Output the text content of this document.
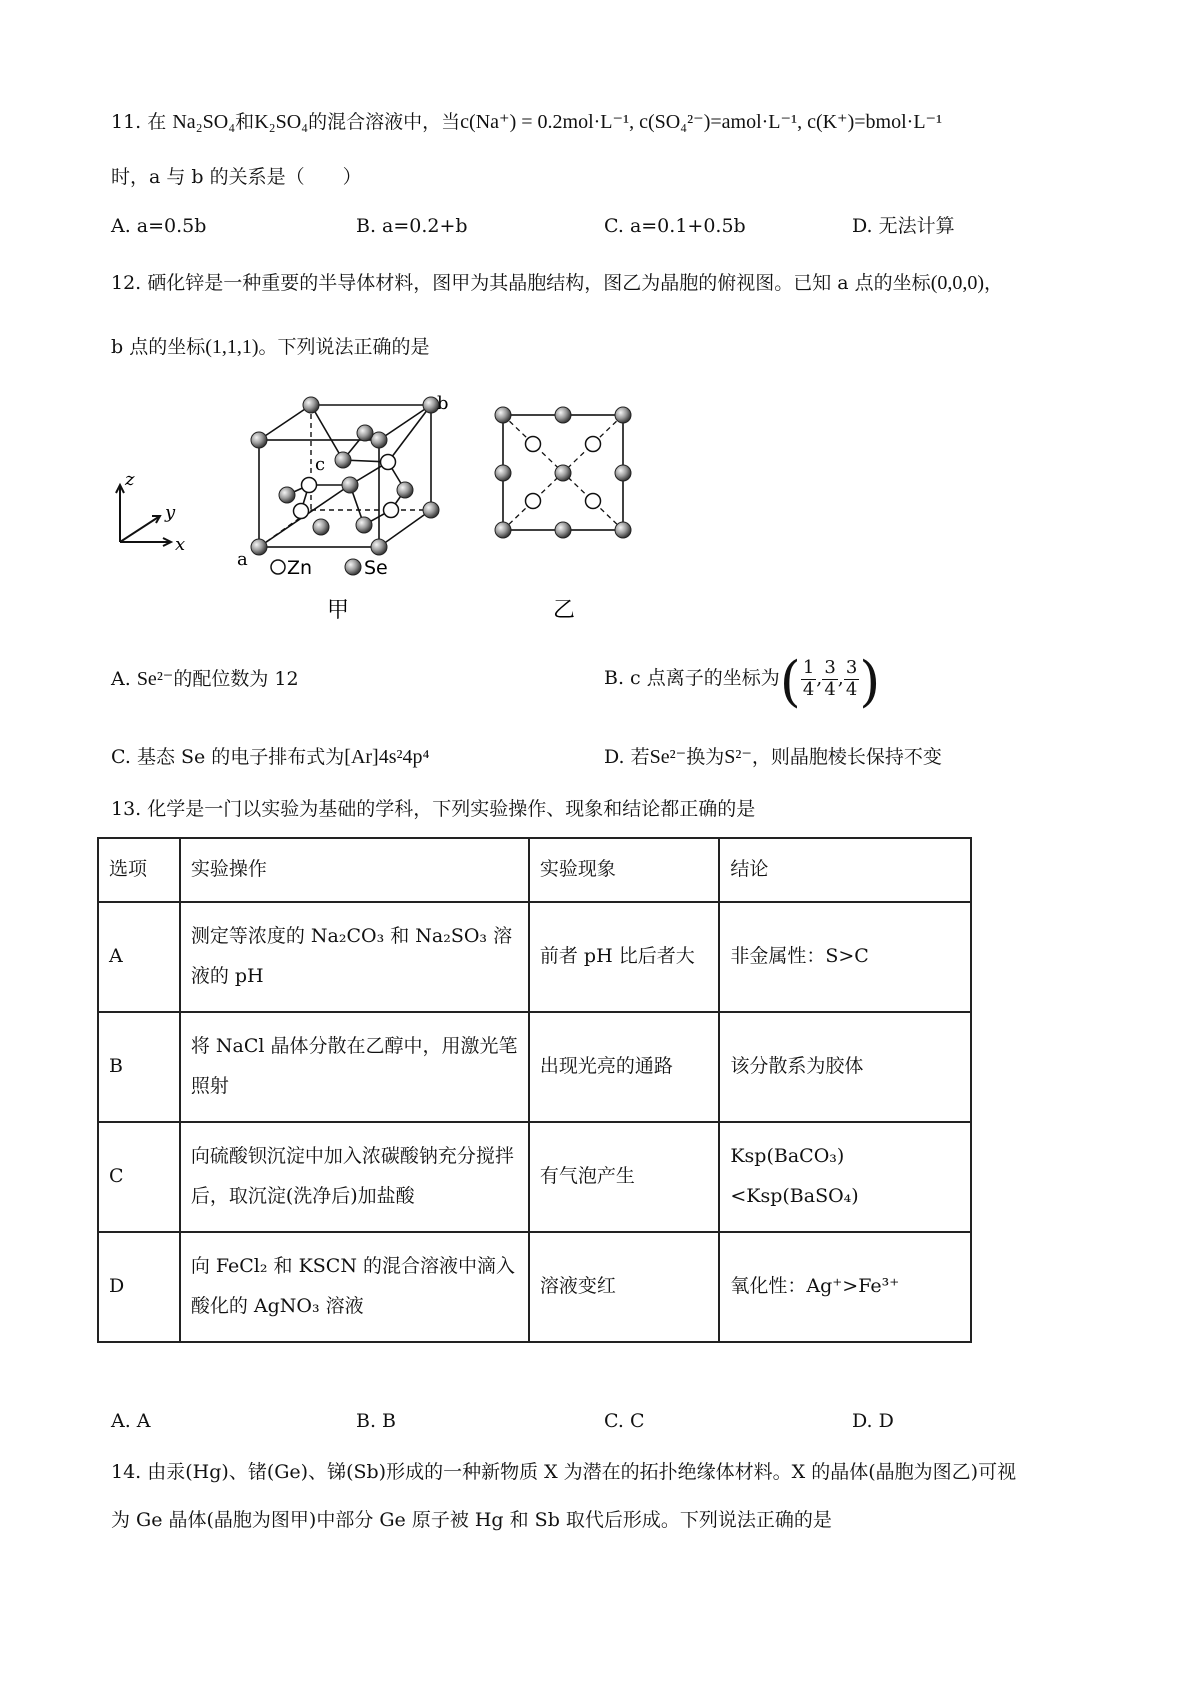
11. 在 Na₂SO₄和K₂SO₄的混合溶液中，当c(Na⁺) = 0.2mol·L⁻¹, c(SO₄²⁻)=amol·L⁻¹, c(K⁺)=bmol·L⁻¹
时，a 与 b 的关系是（　　）
A. a=0.5b	B. a=0.2+b	C. a=0.1+0.5b	D. 无法计算
12. 硒化锌是一种重要的半导体材料，图甲为其晶胞结构，图乙为晶胞的俯视图。已知 a 点的坐标(0,0,0)，
b 点的坐标(1,1,1)。下列说法正确的是
z
x
y
b
c
a Zn	Se
甲	乙
A. Se²⁻的配位数为 12	B. c 点离子的坐标为( $\frac{1}{4}$ , $\frac{3}{4}$ , $\frac{3}{4}$ )
C. 基态 Se 的电子排布式为[Ar]4s²4p⁴	D. 若Se²⁻换为S²⁻，则晶胞棱长保持不变
13. 化学是一门以实验为基础的学科，下列实验操作、现象和结论都正确的是
选项	实验操作	实验现象	结论
A	测定等浓度的 Na₂CO₃ 和 Na₂SO₃ 溶液的 pH	前者 pH 比后者大	非金属性：S>C
B	将 NaCl 晶体分散在乙醇中，用激光笔照射	出现光亮的通路	该分散系为胶体
C	向硫酸钡沉淀中加入浓碳酸钠充分搅拌后，取沉淀(洗净后)加盐酸	有气泡产生	Ksp(BaCO₃)<Ksp(BaSO₄)
D	向 FeCl₂ 和 KSCN 的混合溶液中滴入酸化的 AgNO₃ 溶液	溶液变红	氧化性：Ag⁺>Fe³⁺
A. A	B. B	C. C	D. D
14. 由汞(Hg)、锗(Ge)、锑(Sb)形成的一种新物质 X 为潜在的拓扑绝缘体材料。X 的晶体(晶胞为图乙)可视
为 Ge 晶体(晶胞为图甲)中部分 Ge 原子被 Hg 和 Sb 取代后形成。下列说法正确的是
